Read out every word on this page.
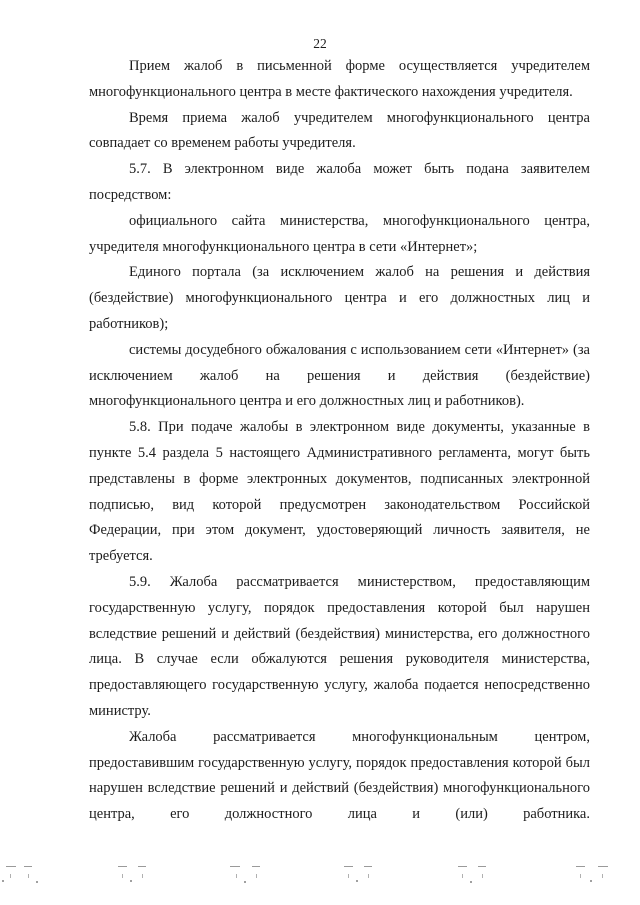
22

Прием жалоб в письменной форме осуществляется учредителем многофункционального центра в месте фактического нахождения учредителя.

Время приема жалоб учредителем многофункционального центра совпадает со временем работы учредителя.

5.7. В электронном виде жалоба может быть подана заявителем посредством:

официального сайта министерства, многофункционального центра, учредителя многофункционального центра в сети «Интернет»;

Единого портала (за исключением жалоб на решения и действия (бездействие) многофункционального центра и его должностных лиц и работников);

системы досудебного обжалования с использованием сети «Интернет» (за исключением жалоб на решения и действия (бездействие) многофункционального центра и его должностных лиц и работников).

5.8. При подаче жалобы в электронном виде документы, указанные в пункте 5.4 раздела 5 настоящего Административного регламента, могут быть представлены в форме электронных документов, подписанных электронной подписью, вид которой предусмотрен законодательством Российской Федерации, при этом документ, удостоверяющий личность заявителя, не требуется.

5.9. Жалоба рассматривается министерством, предоставляющим государственную услугу, порядок предоставления которой был нарушен вследствие решений и действий (бездействия) министерства, его должностного лица. В случае если обжалуются решения руководителя министерства, предоставляющего государственную услугу, жалоба подается непосредственно министру.

Жалоба рассматривается многофункциональным центром, предоставившим государственную услугу, порядок предоставления которой был нарушен вследствие решений и действий (бездействия) многофункционального центра, его должностного лица и (или) работника.
